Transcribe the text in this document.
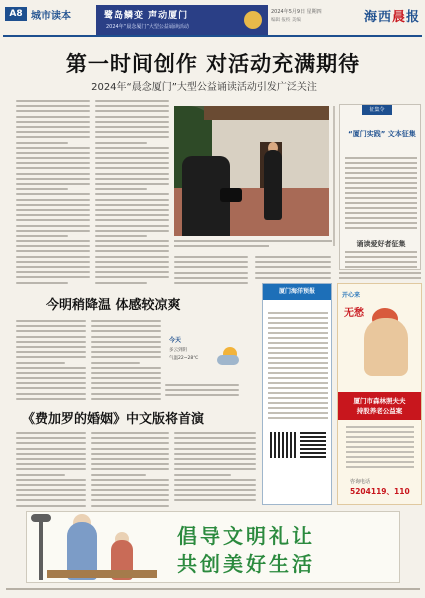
A8 城市读本	鹭岛鳞变 声动厦门
2024年“晨念厦门”大型公益诵读活动
2024年5月9日 星期四
编辑 报校 美编	海西晨报
第一时间创作 对活动充满期待
2024年“晨念厦门”大型公益诵读活动引发广泛关注
征集令
“厦门实践” 文本征集
诵读爱好者征集
今明稍降温 体感较凉爽
今天
多云到阴
气温22~28℃
《费加罗的婚姻》中文版将首演
厦门海洋预报
开心来
无愁
厦门市森林照夫夫
持股养老公益案
咨询电话
5204119、110
倡导文明礼让
共创美好生活
